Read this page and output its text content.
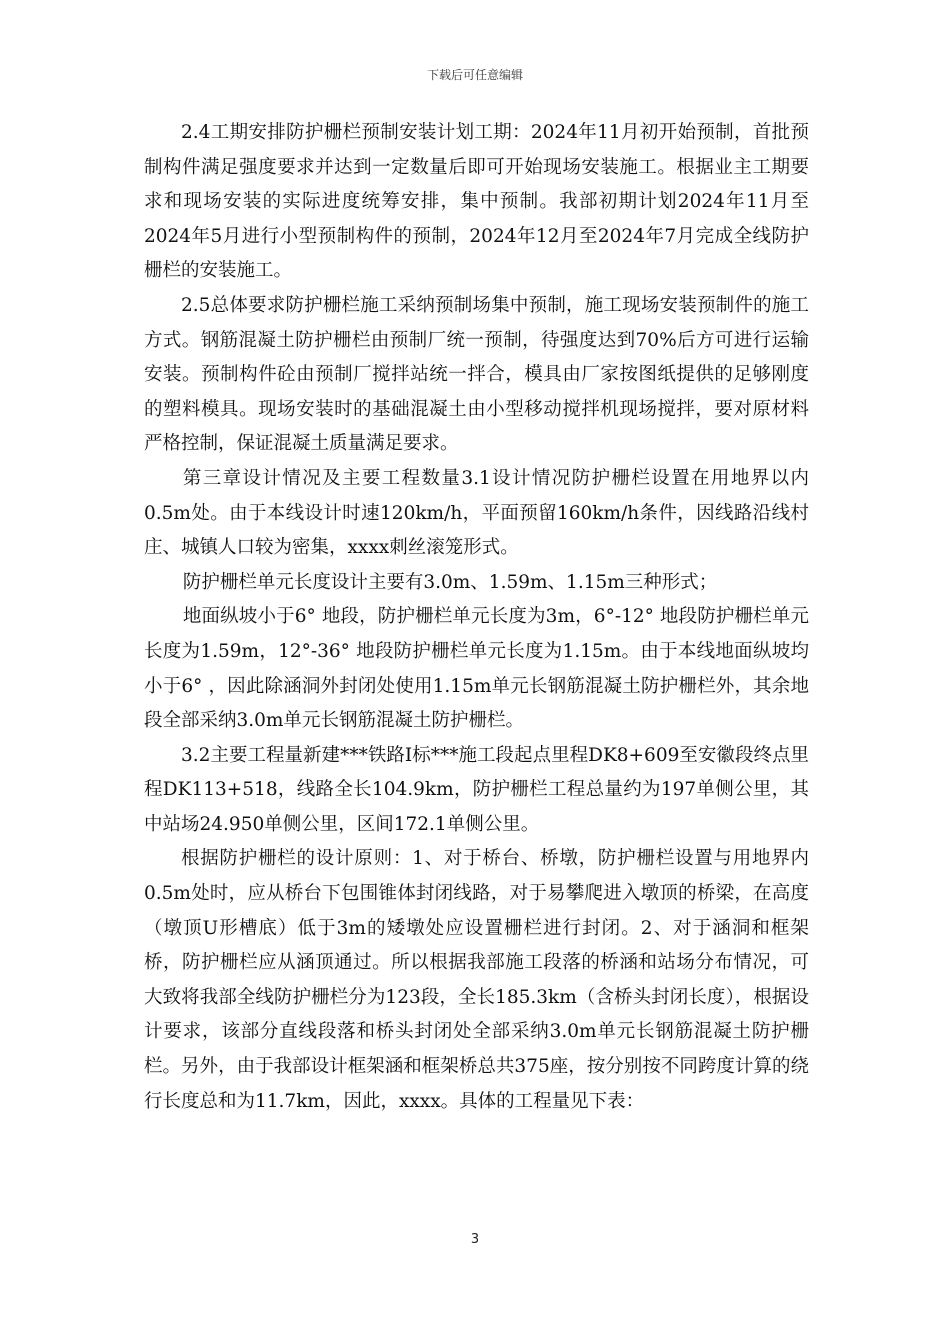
下载后可任意编辑

2.4工期安排防护栅栏预制安装计划工期：2024年11月初开始预制，首批预制构件满足强度要求并达到一定数量后即可开始现场安装施工。根据业主工期要求和现场安装的实际进度统筹安排，集中预制。我部初期计划2024年11月至2024年5月进行小型预制构件的预制，2024年12月至2024年7月完成全线防护栅栏的安装施工。

2.5总体要求防护栅栏施工采纳预制场集中预制，施工现场安装预制件的施工方式。钢筋混凝土防护栅栏由预制厂统一预制，待强度达到70%后方可进行运输安装。预制构件砼由预制厂搅拌站统一拌合，模具由厂家按图纸提供的足够刚度的塑料模具。现场安装时的基础混凝土由小型移动搅拌机现场搅拌，要对原材料严格控制，保证混凝土质量满足要求。

第三章设计情况及主要工程数量3.1设计情况防护栅栏设置在用地界以内0.5m处。由于本线设计时速120km/h，平面预留160km/h条件，因线路沿线村庄、城镇人口较为密集，xxxx刺丝滚笼形式。

防护栅栏单元长度设计主要有3.0m、1.59m、1.15m三种形式；

地面纵坡小于6° 地段，防护栅栏单元长度为3m，6°-12° 地段防护栅栏单元长度为1.59m，12°-36° 地段防护栅栏单元长度为1.15m。由于本线地面纵坡均小于6° ，因此除涵洞外封闭处使用1.15m单元长钢筋混凝土防护栅栏外，其余地段全部采纳3.0m单元长钢筋混凝土防护栅栏。

3.2主要工程量新建***铁路Ⅰ标***施工段起点里程DK8+609至安徽段终点里程DK113+518，线路全长104.9km，防护栅栏工程总量约为197单侧公里，其中站场24.950单侧公里，区间172.1单侧公里。

根据防护栅栏的设计原则：1、对于桥台、桥墩，防护栅栏设置与用地界内0.5m处时，应从桥台下包围锥体封闭线路，对于易攀爬进入墩顶的桥梁，在高度（墩顶U形槽底）低于3m的矮墩处应设置栅栏进行封闭。2、对于涵洞和框架桥，防护栅栏应从涵顶通过。所以根据我部施工段落的桥涵和站场分布情况，可大致将我部全线防护栅栏分为123段，全长185.3km（含桥头封闭长度），根据设计要求，该部分直线段落和桥头封闭处全部采纳3.0m单元长钢筋混凝土防护栅栏。另外，由于我部设计框架涵和框架桥总共375座，按分别按不同跨度计算的绕行长度总和为11.7km，因此，xxxx。具体的工程量见下表：

3
